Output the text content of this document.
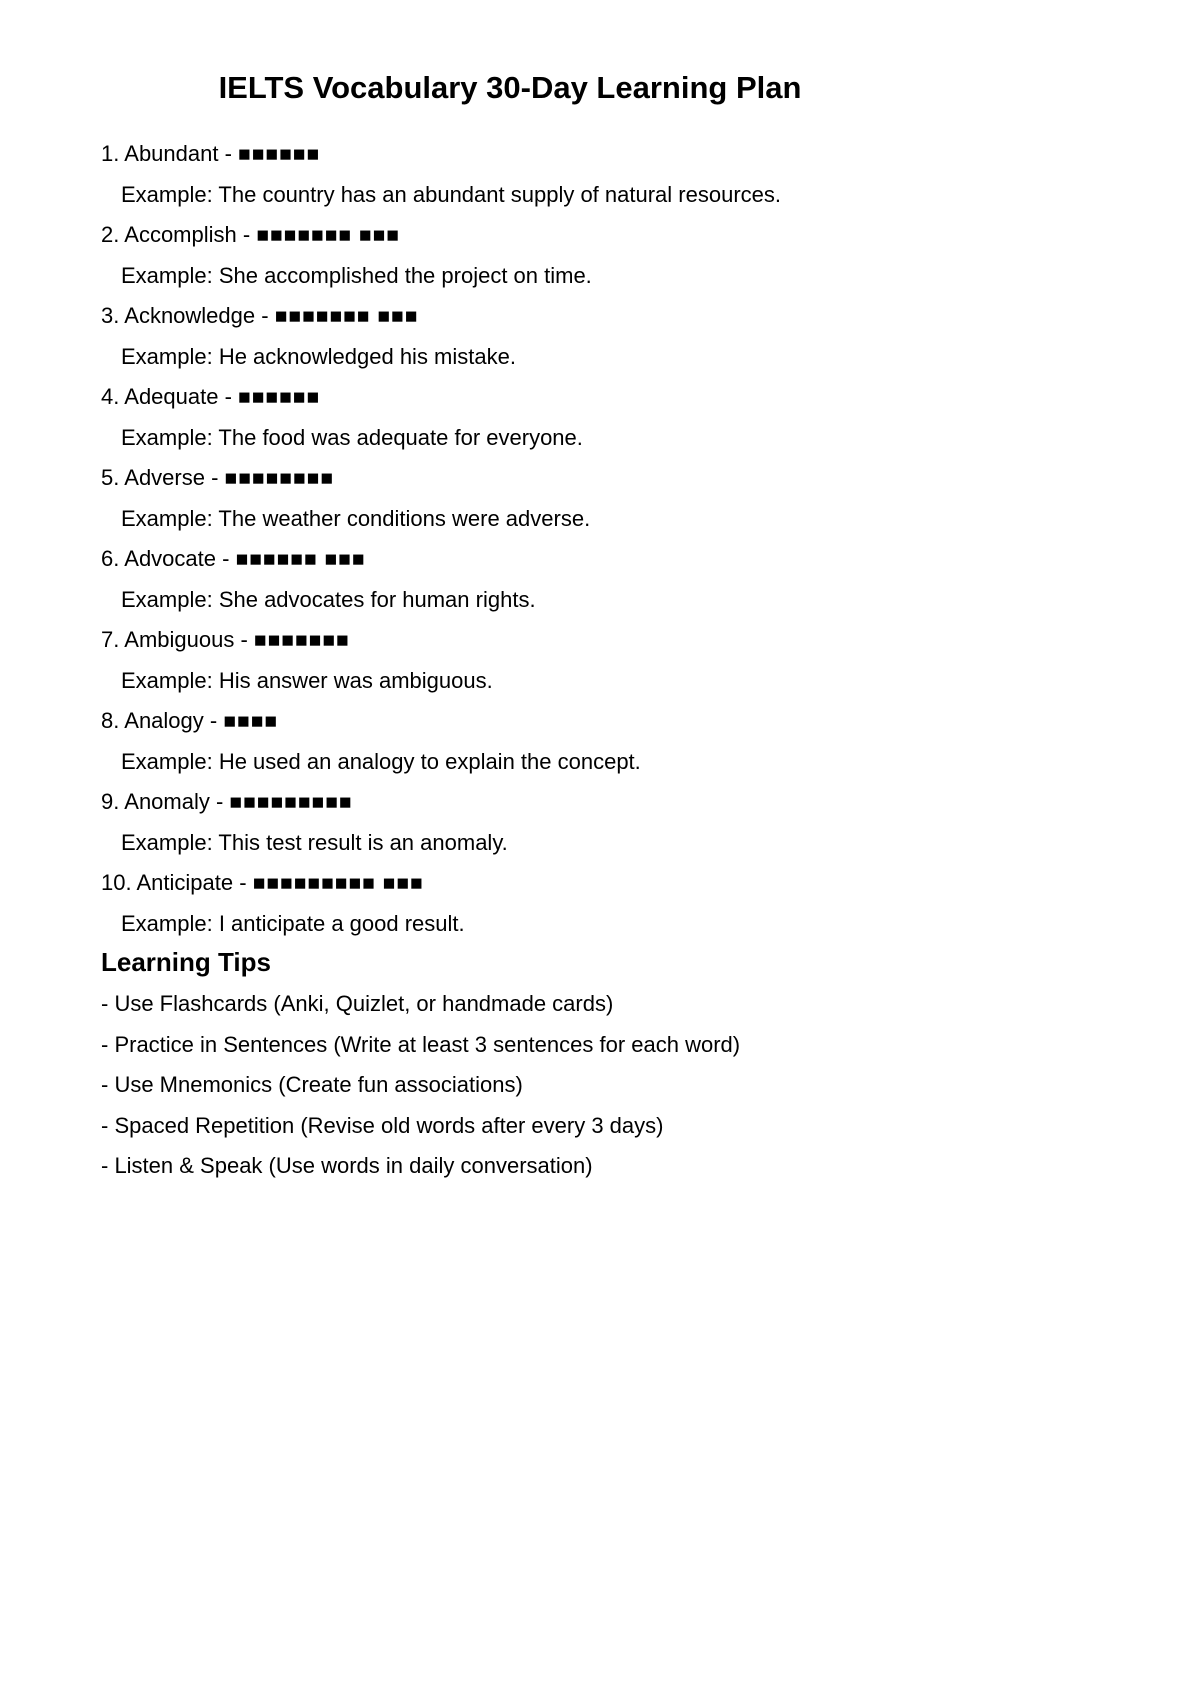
IELTS Vocabulary 30-Day Learning Plan
1. Abundant - ■■■■■■
Example: The country has an abundant supply of natural resources.
2. Accomplish - ■■■■■■■ ■■■
Example: She accomplished the project on time.
3. Acknowledge - ■■■■■■■ ■■■
Example: He acknowledged his mistake.
4. Adequate - ■■■■■■
Example: The food was adequate for everyone.
5. Adverse - ■■■■■■■■
Example: The weather conditions were adverse.
6. Advocate - ■■■■■■ ■■■
Example: She advocates for human rights.
7. Ambiguous - ■■■■■■■
Example: His answer was ambiguous.
8. Analogy - ■■■■
Example: He used an analogy to explain the concept.
9. Anomaly - ■■■■■■■■■
Example: This test result is an anomaly.
10. Anticipate - ■■■■■■■■■ ■■■
Example: I anticipate a good result.
Learning Tips
- Use Flashcards (Anki, Quizlet, or handmade cards)
- Practice in Sentences (Write at least 3 sentences for each word)
- Use Mnemonics (Create fun associations)
- Spaced Repetition (Revise old words after every 3 days)
- Listen & Speak (Use words in daily conversation)
